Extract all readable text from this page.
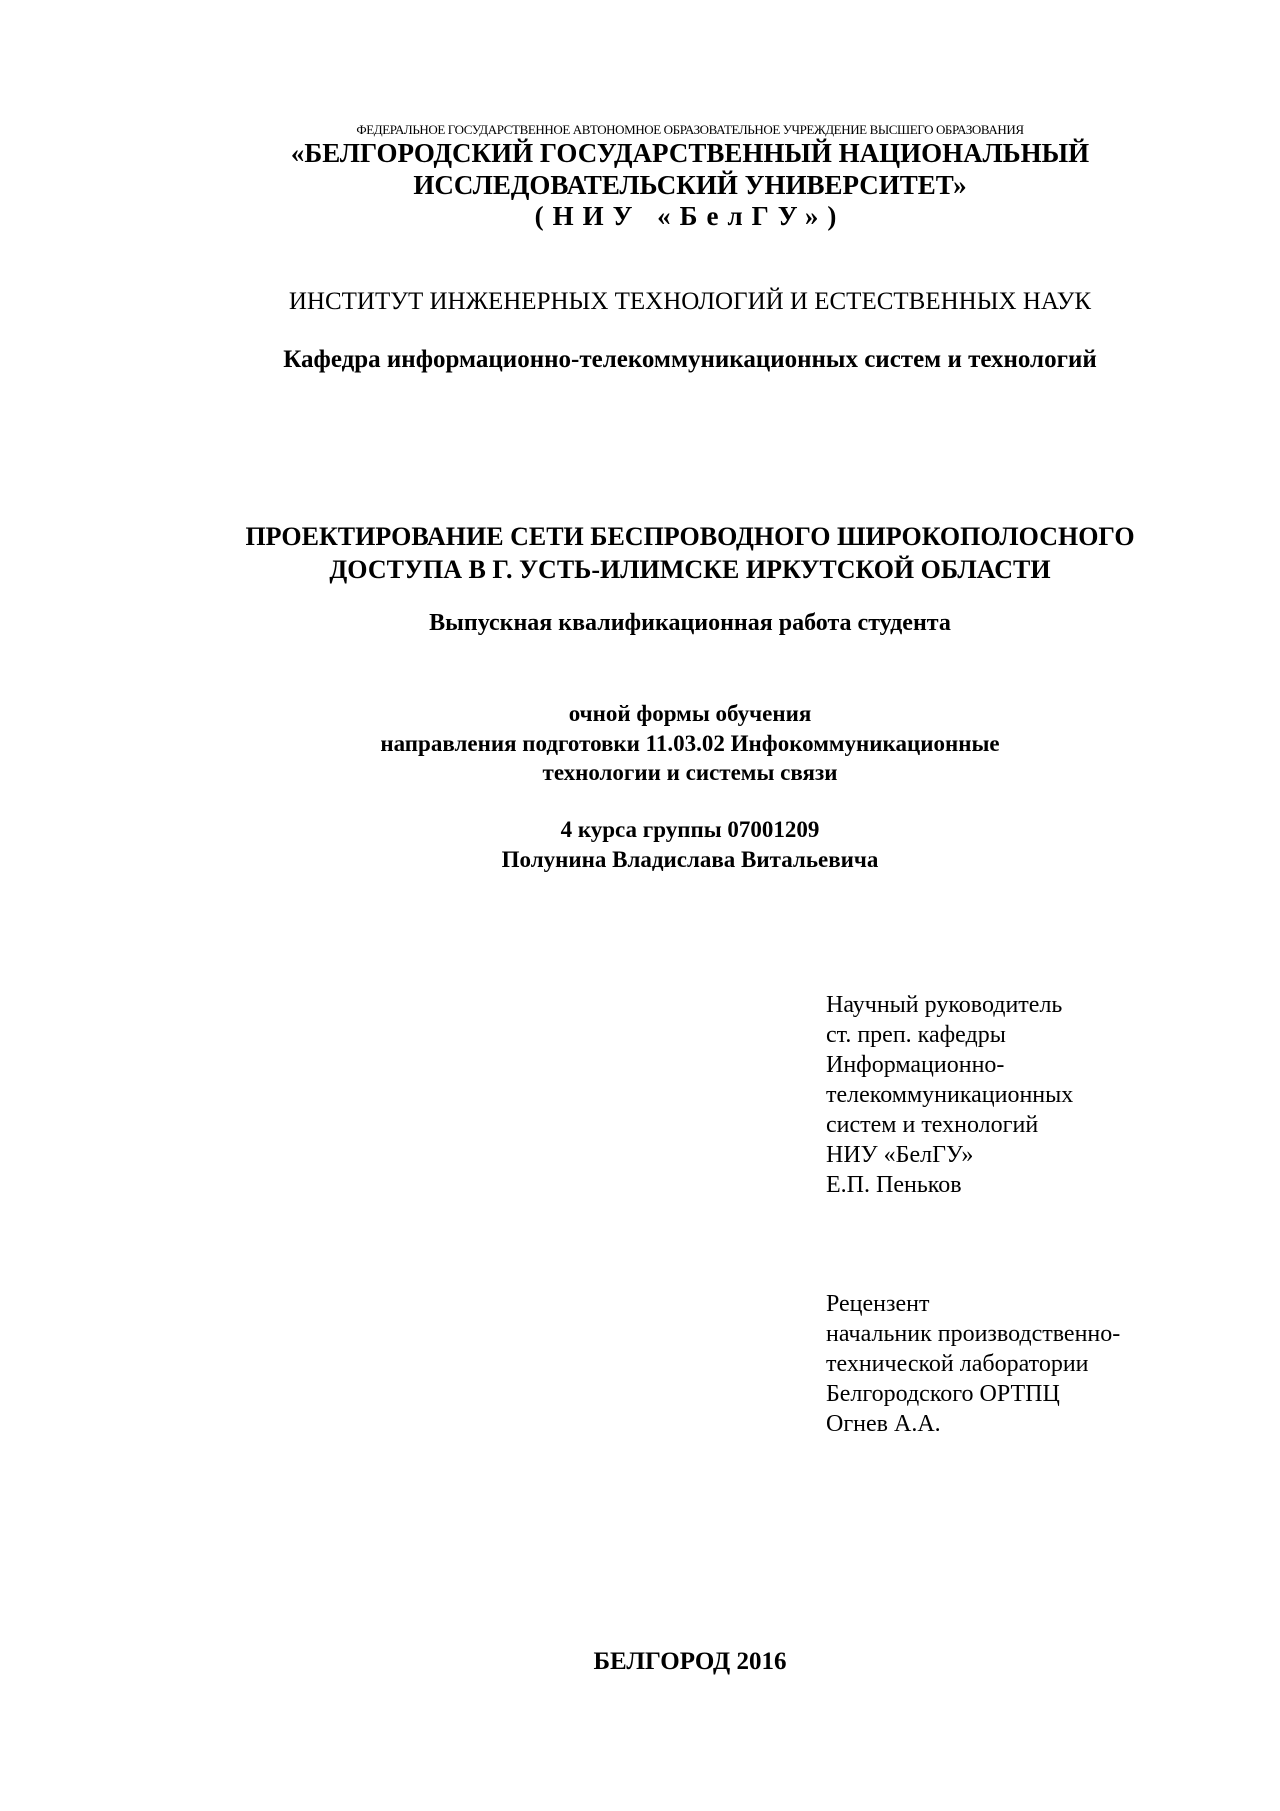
ФЕДЕРАЛЬНОЕ ГОСУДАРСТВЕННОЕ АВТОНОМНОЕ ОБРАЗОВАТЕЛЬНОЕ УЧРЕЖДЕНИЕ ВЫСШЕГО ОБРАЗОВАНИЯ
«БЕЛГОРОДСКИЙ ГОСУДАРСТВЕННЫЙ НАЦИОНАЛЬНЫЙ
ИССЛЕДОВАТЕЛЬСКИЙ УНИВЕРСИТЕТ»
(НИУ «БелГУ»)
ИНСТИТУТ ИНЖЕНЕРНЫХ ТЕХНОЛОГИЙ И ЕСТЕСТВЕННЫХ НАУК
Кафедра информационно-телекоммуникационных систем и технологий
ПРОЕКТИРОВАНИЕ СЕТИ БЕСПРОВОДНОГО ШИРОКОПОЛОСНОГО
ДОСТУПА В Г. УСТЬ-ИЛИМСКЕ ИРКУТСКОЙ ОБЛАСТИ
Выпускная квалификационная работа студента
очной формы обучения
направления подготовки 11.03.02 Инфокоммуникационные
технологии и системы связи
4 курса группы 07001209
Полунина Владислава Витальевича
Научный руководитель
ст. преп. кафедры
Информационно-
телекоммуникационных
систем и технологий
НИУ «БелГУ»
Е.П. Пеньков
Рецензент
начальник производственно-
технической лаборатории
Белгородского ОРТПЦ
Огнев А.А.
БЕЛГОРОД 2016
